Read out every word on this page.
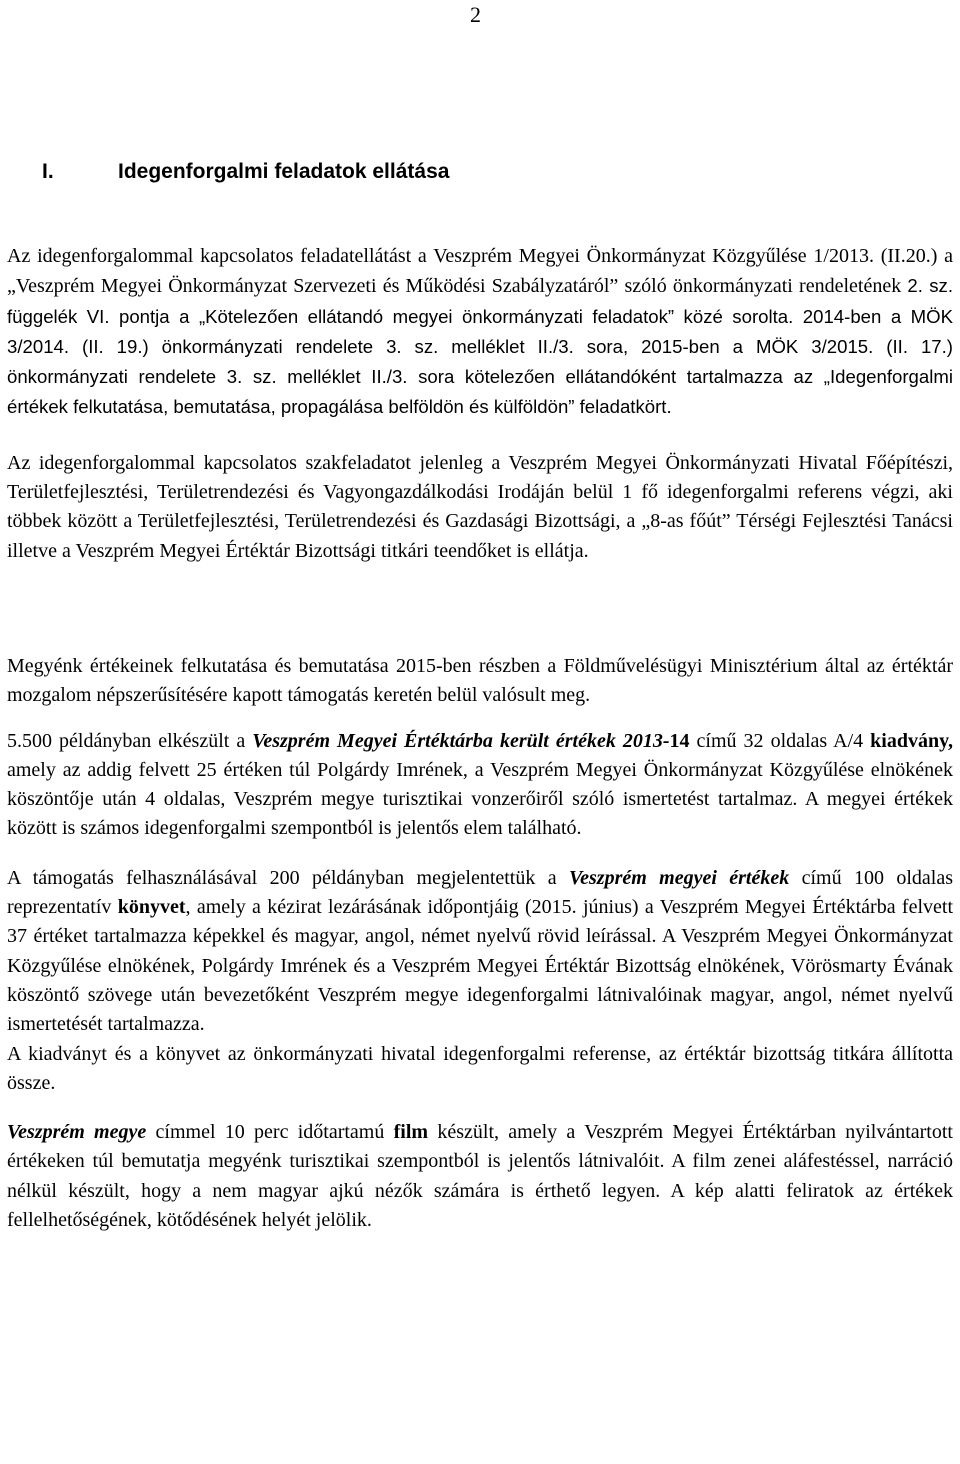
2
I.	Idegenforgalmi feladatok ellátása

Az idegenforgalommal kapcsolatos feladatellátást a Veszprém Megyei Önkormányzat Közgyűlése 1/2013. (II.20.) a „Veszprém Megyei Önkormányzat Szervezeti és Működési Szabályzatáról” szóló önkormányzati rendeletének 2. sz. függelék VI. pontja a „Kötelezően ellátandó megyei önkormányzati feladatok” közé sorolta. 2014-ben a MÖK 3/2014. (II. 19.) önkormányzati rendelete 3. sz. melléklet II./3. sora, 2015-ben a MÖK 3/2015. (II. 17.) önkormányzati rendelete 3. sz. melléklet II./3. sora kötelezően ellátandóként tartalmazza az „Idegenforgalmi értékek felkutatása, bemutatása, propagálása belföldön és külföldön” feladatkört.

Az idegenforgalommal kapcsolatos szakfeladatot jelenleg a Veszprém Megyei Önkormányzati Hivatal Főépítészi, Területfejlesztési, Területrendezési és Vagyongazdálkodási Irodáján belül 1 fő idegenforgalmi referens végzi, aki többek között a Területfejlesztési, Területrendezési és Gazdasági Bizottsági, a „8-as főút” Térségi Fejlesztési Tanácsi illetve a Veszprém Megyei Értéktár Bizottsági titkári teendőket is ellátja.

Megyénk értékeinek felkutatása és bemutatása 2015-ben részben a Földművelésügyi Minisztérium által az értéktár mozgalom népszerűsítésére kapott támogatás keretén belül valósult meg.

5.500 példányban elkészült a Veszprém Megyei Értéktárba került értékek 2013-14 című 32 oldalas A/4 kiadvány, amely az addig felvett 25 értéken túl Polgárdy Imrének, a Veszprém Megyei Önkormányzat Közgyűlése elnökének köszöntője után 4 oldalas, Veszprém megye turisztikai vonzerőiről szóló ismertetést tartalmaz. A megyei értékek között is számos idegenforgalmi szempontból is jelentős elem található.

A támogatás felhasználásával 200 példányban megjelentettük a Veszprém megyei értékek című 100 oldalas reprezentatív könyvet, amely a kézirat lezárásának időpontjáig (2015. június) a Veszprém Megyei Értéktárba felvett 37 értéket tartalmazza képekkel és magyar, angol, német nyelvű rövid leírással. A Veszprém Megyei Önkormányzat Közgyűlése elnökének, Polgárdy Imrének és a Veszprém Megyei Értéktár Bizottság elnökének, Vörösmarty Évának köszöntő szövege után bevezetőként Veszprém megye idegenforgalmi látnivalóinak magyar, angol, német nyelvű ismertetését tartalmazza.

A kiadványt és a könyvet az önkormányzati hivatal idegenforgalmi referense, az értéktár bizottság titkára állította össze.

Veszprém megye címmel 10 perc időtartamú film készült, amely a Veszprém Megyei Értéktárban nyilvántartott értékeken túl bemutatja megyénk turisztikai szempontból is jelentős látnivalóit. A film zenei aláfestéssel, narráció nélkül készült, hogy a nem magyar ajkú nézők számára is érthető legyen. A kép alatti feliratok az értékek fellelhetőségének, kötődésének helyét jelölik.
